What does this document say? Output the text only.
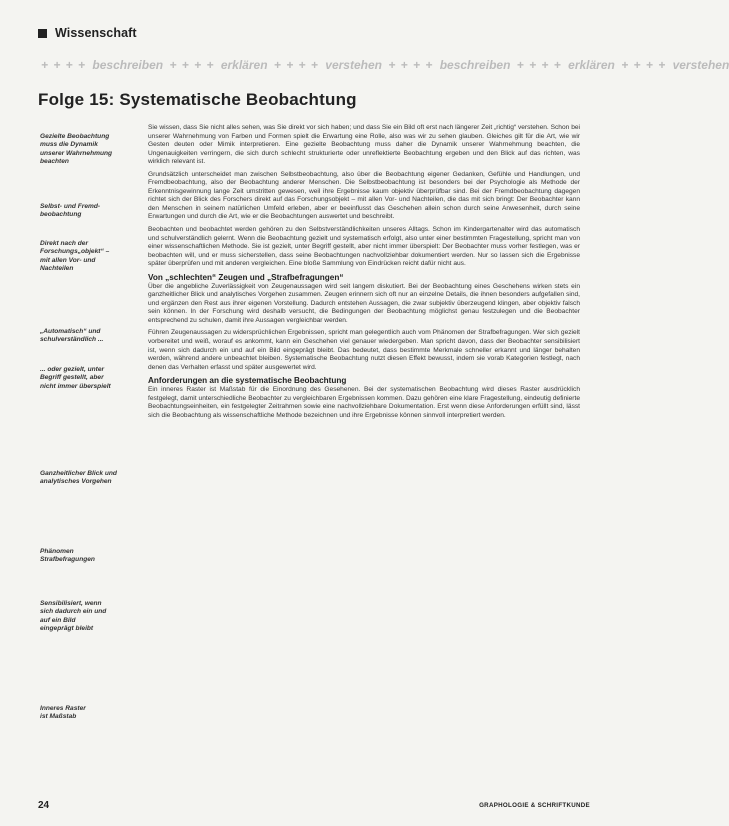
Wissenschaft
+ + + + beschreiben + + + + erklären + + + + verstehen + + + + beschreiben + + + + erklären + + + + verstehen
Folge 15: Systematische Beobachtung
Gezielte Beobachtung
muss die Dynamik
unserer Wahrnehmung
beachten
Selbst- und Fremd-
beobachtung
Direkt nach der
Forschungs„objekt“ –
mit allen Vor- und
Nachteilen
„Automatisch“ und
schulverständlich ...
... oder gezielt, unter
Begriff gestellt, aber
nicht immer überspielt
Ganzheitlicher Blick und
analytisches Vorgehen
Phänomen
Strafbefragungen
Sensibilisiert, wenn
sich dadurch ein und
auf ein Bild
eingeprägt bleibt
Inneres Raster
ist Maßstab

Sie wissen, dass Sie nicht alles sehen, was Sie direkt vor sich haben; und dass Sie ein Bild oft erst nach längerer Zeit „richtig“ verstehen. Schon bei unserer Wahrnehmung von Farben und Formen spielt die Erwartung eine Rolle, also was wir zu sehen glauben. Gleiches gilt für die Art, wie wir Gesten deuten oder Mimik interpretieren. Eine gezielte Beobachtung muss daher die Dynamik unserer Wahrnehmung beachten, die Ungenauigkeiten verringern, die sich durch schlecht strukturierte oder unreflektierte Beobachtung ergeben und den Blick auf das richten, was wirklich relevant ist.

Grundsätzlich unterscheidet man zwischen Selbstbeobachtung, also über die Beobachtung eigener Gedanken, Gefühle und Handlungen, und Fremdbeobachtung, also der Beobachtung anderer Menschen. Die Selbstbeobachtung ist besonders bei der Psychologie als Methode der Erkenntnisgewinnung lange Zeit umstritten gewesen, weil ihre Ergebnisse kaum objektiv überprüfbar sind. Bei der Fremdbeobachtung dagegen richtet sich der Blick des Forschers direkt auf das Forschungsobjekt – mit allen Vor- und Nachteilen, die das mit sich bringt: Der Beobachter kann den Menschen in seinem natürlichen Umfeld erleben, aber er beeinflusst das Geschehen allein schon durch seine Anwesenheit, durch seine Erwartungen und durch die Art, wie er die Beobachtungen auswertet und beschreibt.

Beobachten und beobachtet werden gehören zu den Selbstverständlichkeiten unseres Alltags. Schon im Kindergartenalter wird das automatisch und schulverständlich gelernt. Wenn die Beobachtung gezielt und systematisch erfolgt, also unter einer bestimmten Fragestellung, spricht man von einer wissenschaftlichen Methode. Sie ist gezielt, unter Begriff gestellt, aber nicht immer überspielt: Der Beobachter muss vorher festlegen, was er beobachten will, und er muss sicherstellen, dass seine Beobachtungen nachvollziehbar dokumentiert werden. Nur so lassen sich die Ergebnisse später überprüfen und mit anderen vergleichen. Eine bloße Sammlung von Eindrücken reicht dafür nicht aus.

Von „schlechten“ Zeugen und „Strafbefragungen“

Über die angebliche Zuverlässigkeit von Zeugenaussagen wird seit langem diskutiert. Bei der Beobachtung eines Geschehens wirken stets ein ganzheitlicher Blick und analytisches Vorgehen zusammen. Zeugen erinnern sich oft nur an einzelne Details, die ihnen besonders aufgefallen sind, und ergänzen den Rest aus ihrer eigenen Vorstellung. Dadurch entstehen Aussagen, die zwar subjektiv überzeugend klingen, aber objektiv falsch sein können. In der Forschung wird deshalb versucht, die Bedingungen der Beobachtung möglichst genau festzulegen und die Beobachter entsprechend zu schulen, damit ihre Aussagen vergleichbar werden.

Führen Zeugenaussagen zu widersprüchlichen Ergebnissen, spricht man gelegentlich auch vom Phänomen der Strafbefragungen. Wer sich gezielt vorbereitet und weiß, worauf es ankommt, kann ein Geschehen viel genauer wiedergeben. Man spricht davon, dass der Beobachter sensibilisiert ist, wenn sich dadurch ein und auf ein Bild eingeprägt bleibt. Das bedeutet, dass bestimmte Merkmale schneller erkannt und länger behalten werden, während andere unbeachtet bleiben. Systematische Beobachtung nutzt diesen Effekt bewusst, indem sie vorab Kategorien festlegt, nach denen das Verhalten erfasst und später ausgewertet wird.

Anforderungen an die systematische Beobachtung

Ein inneres Raster ist Maßstab für die Einordnung des Gesehenen. Bei der systematischen Beobachtung wird dieses Raster ausdrücklich festgelegt, damit unterschiedliche Beobachter zu vergleichbaren Ergebnissen kommen. Dazu gehören eine klare Fragestellung, eindeutig definierte Beobachtungseinheiten, ein festgelegter Zeitrahmen sowie eine nachvollziehbare Dokumentation. Erst wenn diese Anforderungen erfüllt sind, lässt sich die Beobachtung als wissenschaftliche Methode bezeichnen und ihre Ergebnisse können sinnvoll interpretiert werden.

24	GRAPHOLOGIE & SCHRIFTKUNDE
